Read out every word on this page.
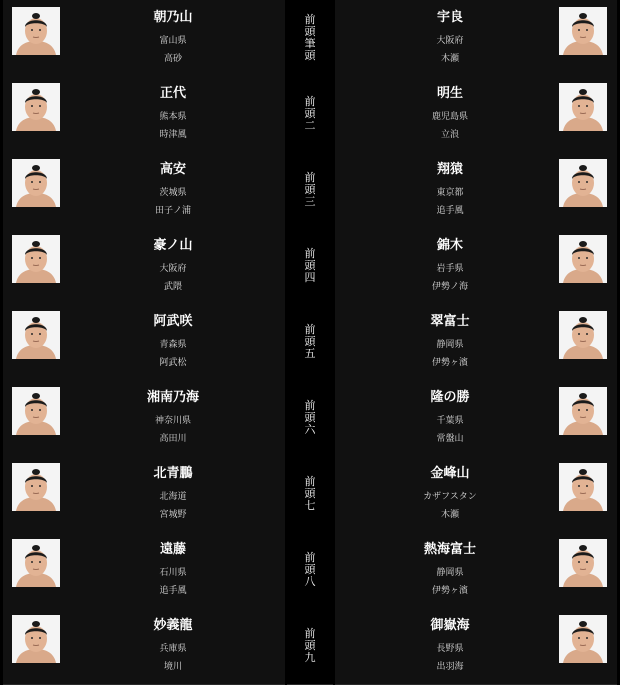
朝乃山
富山県
高砂
前
頭
筆
頭
宇良
大阪府
木瀬
正代
熊本県
時津風
前
頭
二
明生
鹿児島県
立浪
高安
茨城県
田子ノ浦
前
頭
三
翔猿
東京都
追手風
豪ノ山
大阪府
武隈
前
頭
四
錦木
岩手県
伊勢ノ海
阿武咲
青森県
阿武松
前
頭
五
翠富士
静岡県
伊勢ヶ濱
湘南乃海
神奈川県
高田川
前
頭
六
隆の勝
千葉県
常盤山
北青鵬
北海道
宮城野
前
頭
七
金峰山
カザフスタン
木瀬
遠藤
石川県
追手風
前
頭
八
熱海富士
静岡県
伊勢ヶ濱
妙義龍
兵庫県
境川
前
頭
九
御嶽海
長野県
出羽海
